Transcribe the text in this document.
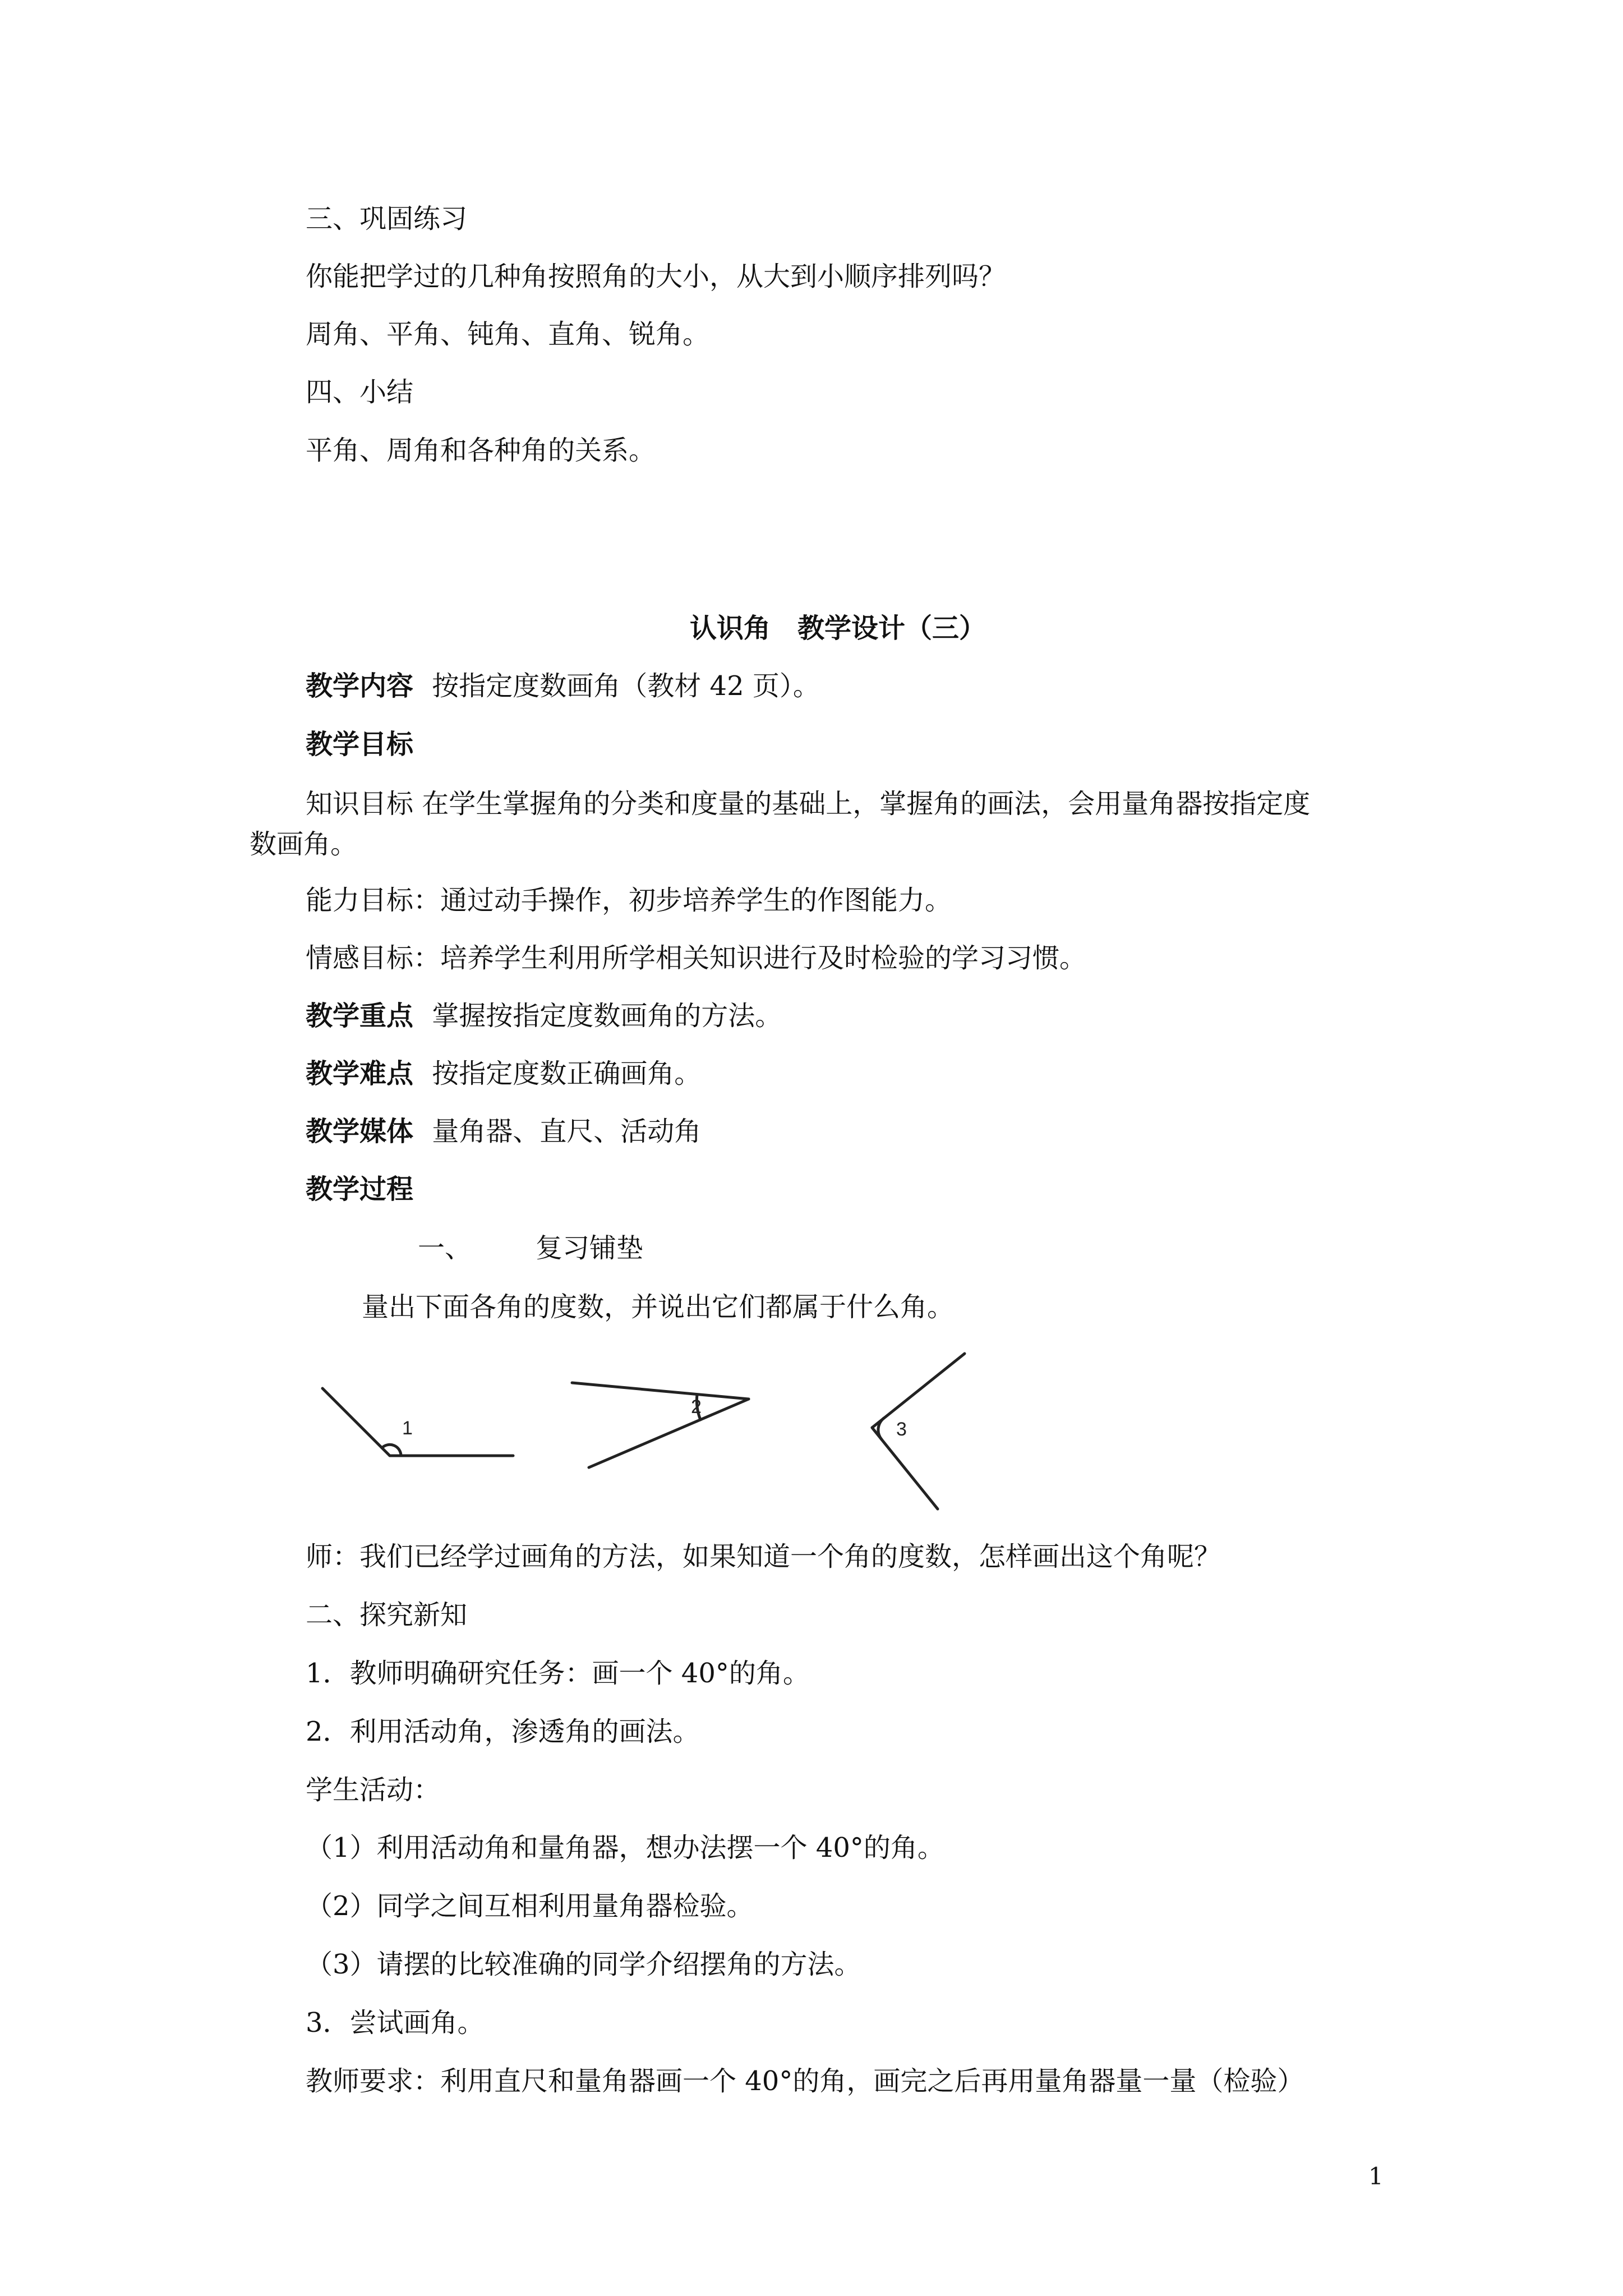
三、巩固练习
你能把学过的几种角按照角的大小，从大到小顺序排列吗？
周角、平角、钝角、直角、锐角。
四、小结
平角、周角和各种角的关系。
认识角　教学设计（三）
教学内容 按指定度数画角（教材 42 页）。
教学目标
知识目标 在学生掌握角的分类和度量的基础上，掌握角的画法，会用量角器按指定度
数画角。
能力目标：通过动手操作，初步培养学生的作图能力。
情感目标：培养学生利用所学相关知识进行及时检验的学习习惯。
教学重点 掌握按指定度数画角的方法。
教学难点 按指定度数正确画角。
教学媒体 量角器、直尺、活动角
教学过程
一、 复习铺垫
量出下面各角的度数，并说出它们都属于什么角。
1
2
3
师：我们已经学过画角的方法，如果知道一个角的度数，怎样画出这个角呢？
二、探究新知
1．教师明确研究任务：画一个 40°的角。
2．利用活动角，渗透角的画法。
学生活动：
（1）利用活动角和量角器，想办法摆一个 40°的角。
（2）同学之间互相利用量角器检验。
（3）请摆的比较准确的同学介绍摆角的方法。
3．尝试画角。
教师要求：利用直尺和量角器画一个 40°的角，画完之后再用量角器量一量（检验）
1
